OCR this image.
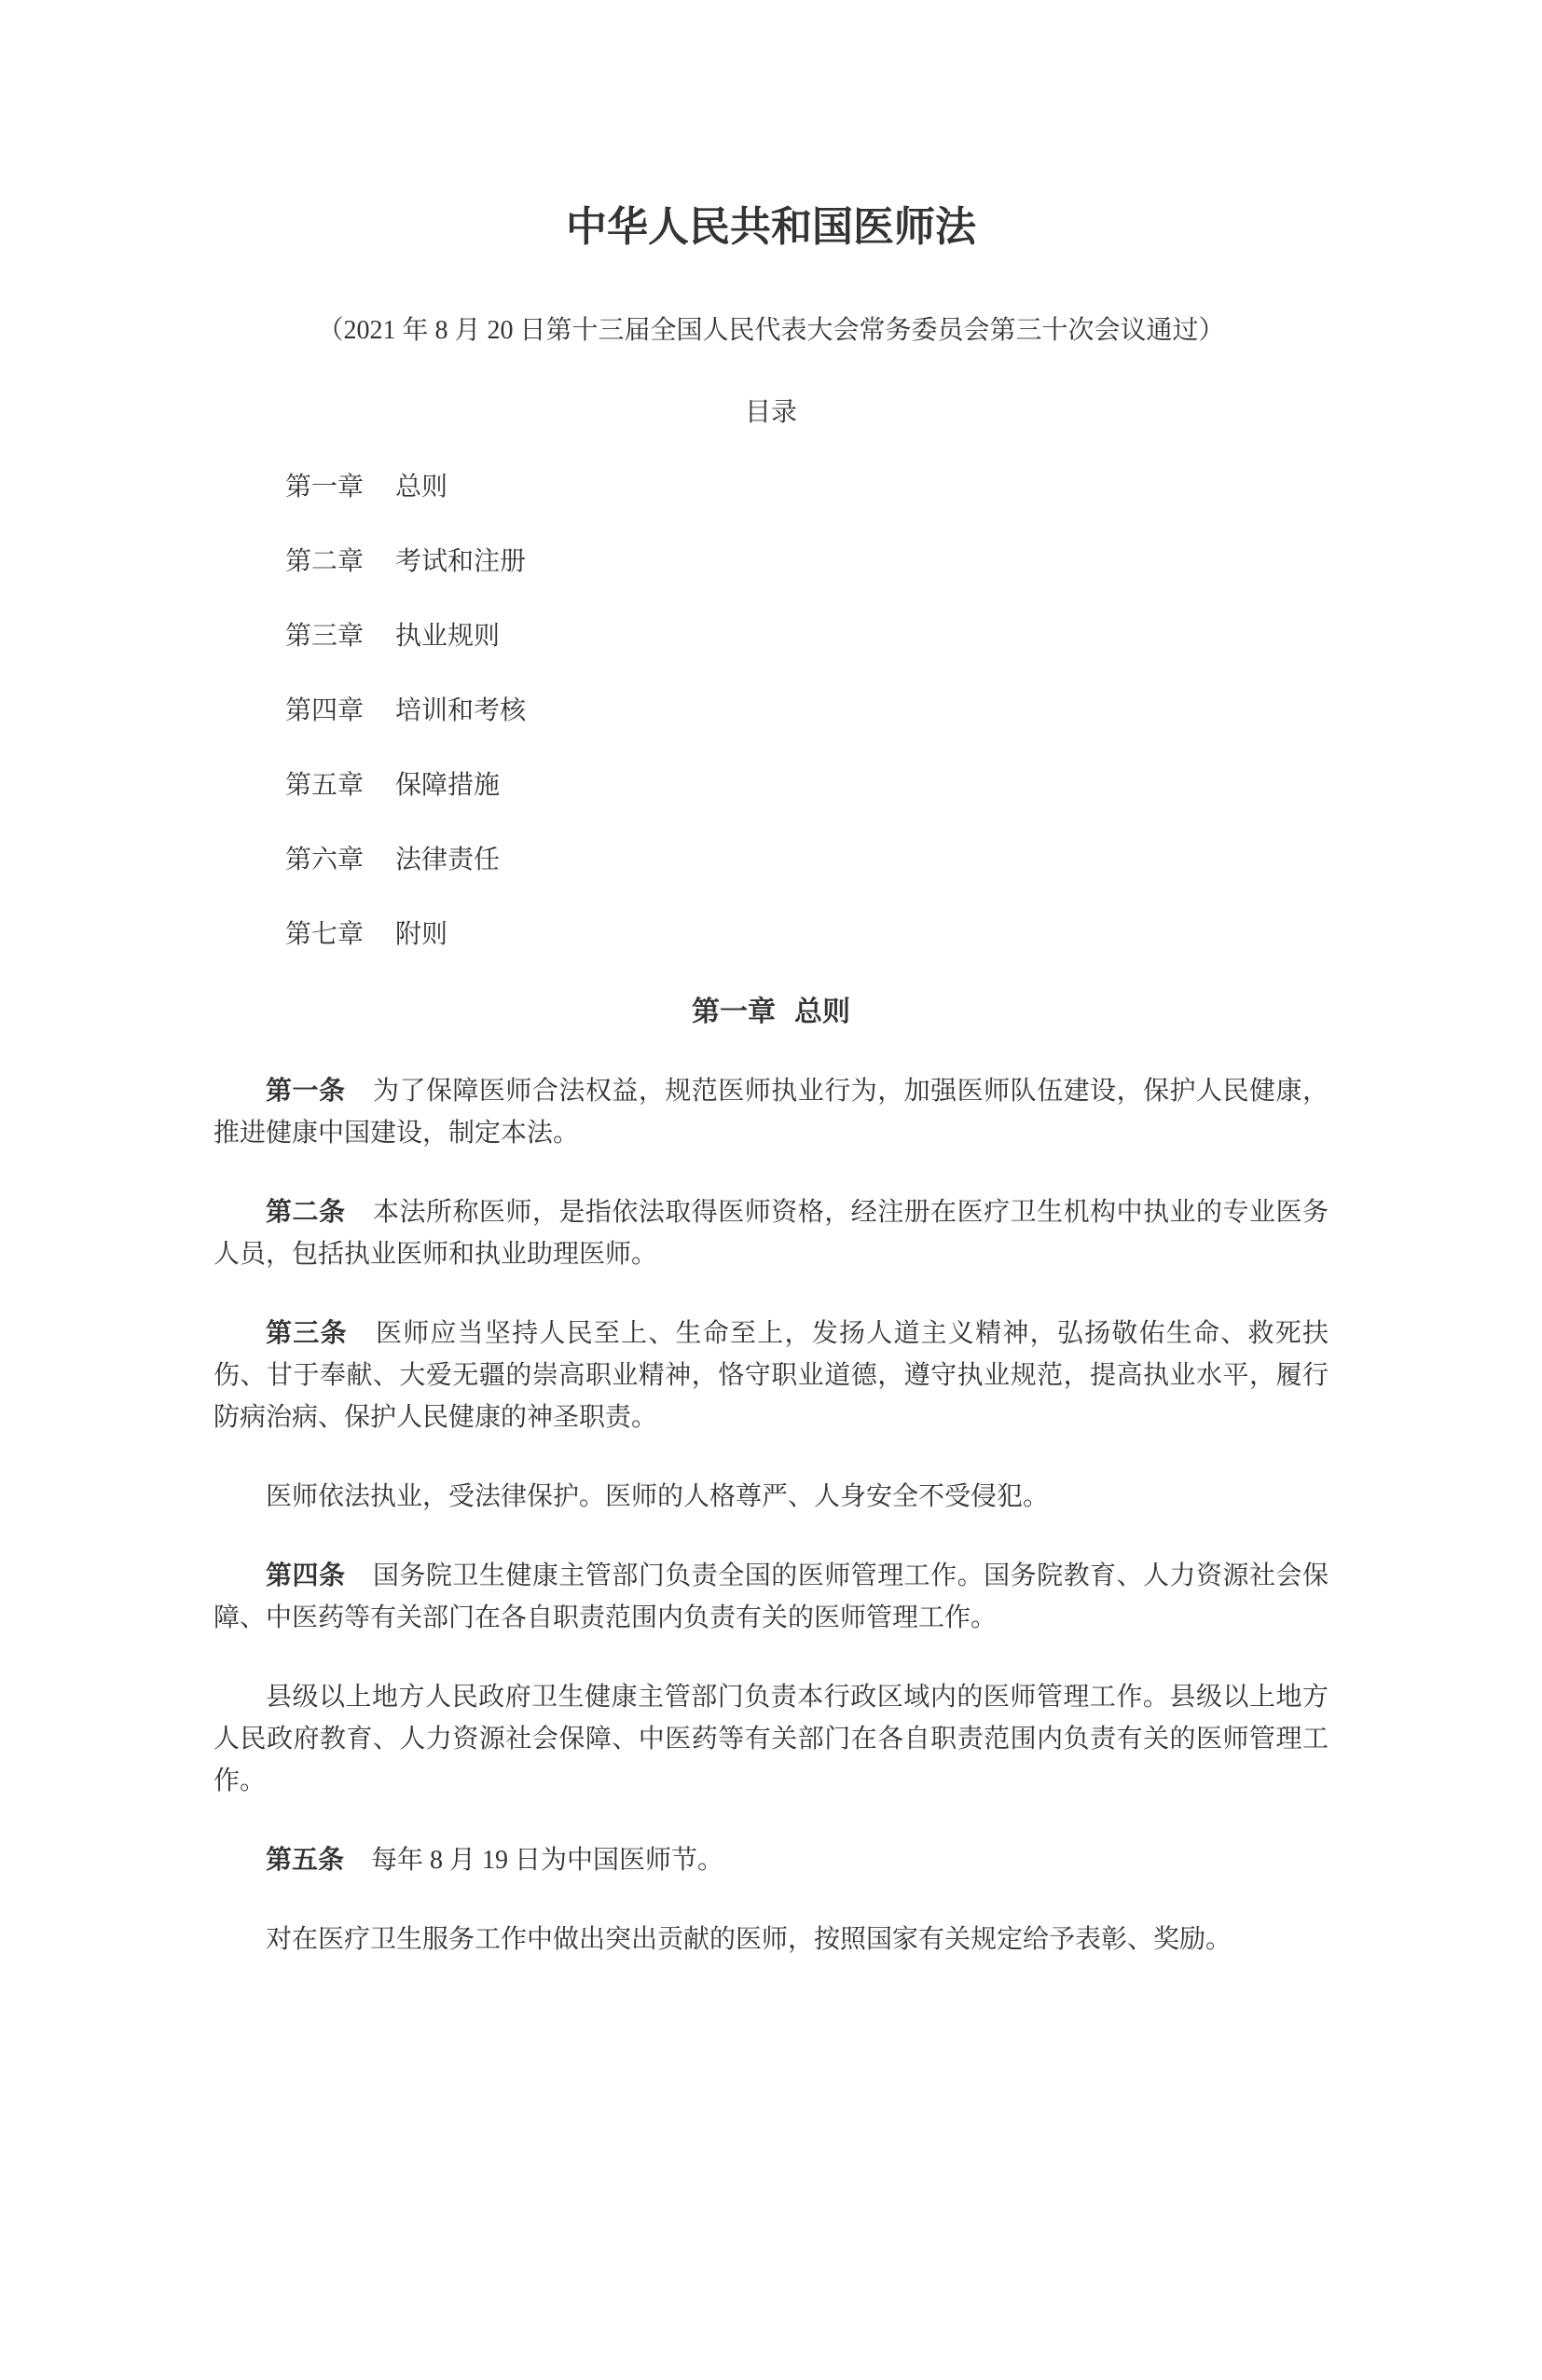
中华人民共和国医师法

（2021 年 8 月 20 日第十三届全国人民代表大会常务委员会第三十次会议通过）

目录

第一章 总则

第二章 考试和注册

第三章 执业规则

第四章 培训和考核

第五章 保障措施

第六章 法律责任

第七章 附则

第一章 总则

第一条 为了保障医师合法权益，规范医师执业行为，加强医师队伍建设，保护人民健康，推进健康中国建设，制定本法。

第二条 本法所称医师，是指依法取得医师资格，经注册在医疗卫生机构中执业的专业医务人员，包括执业医师和执业助理医师。

第三条 医师应当坚持人民至上、生命至上，发扬人道主义精神，弘扬敬佑生命、救死扶伤、甘于奉献、大爱无疆的崇高职业精神，恪守职业道德，遵守执业规范，提高执业水平，履行防病治病、保护人民健康的神圣职责。

医师依法执业，受法律保护。医师的人格尊严、人身安全不受侵犯。

第四条 国务院卫生健康主管部门负责全国的医师管理工作。国务院教育、人力资源社会保障、中医药等有关部门在各自职责范围内负责有关的医师管理工作。

县级以上地方人民政府卫生健康主管部门负责本行政区域内的医师管理工作。县级以上地方人民政府教育、人力资源社会保障、中医药等有关部门在各自职责范围内负责有关的医师管理工作。

第五条 每年 8 月 19 日为中国医师节。

对在医疗卫生服务工作中做出突出贡献的医师，按照国家有关规定给予表彰、奖励。
